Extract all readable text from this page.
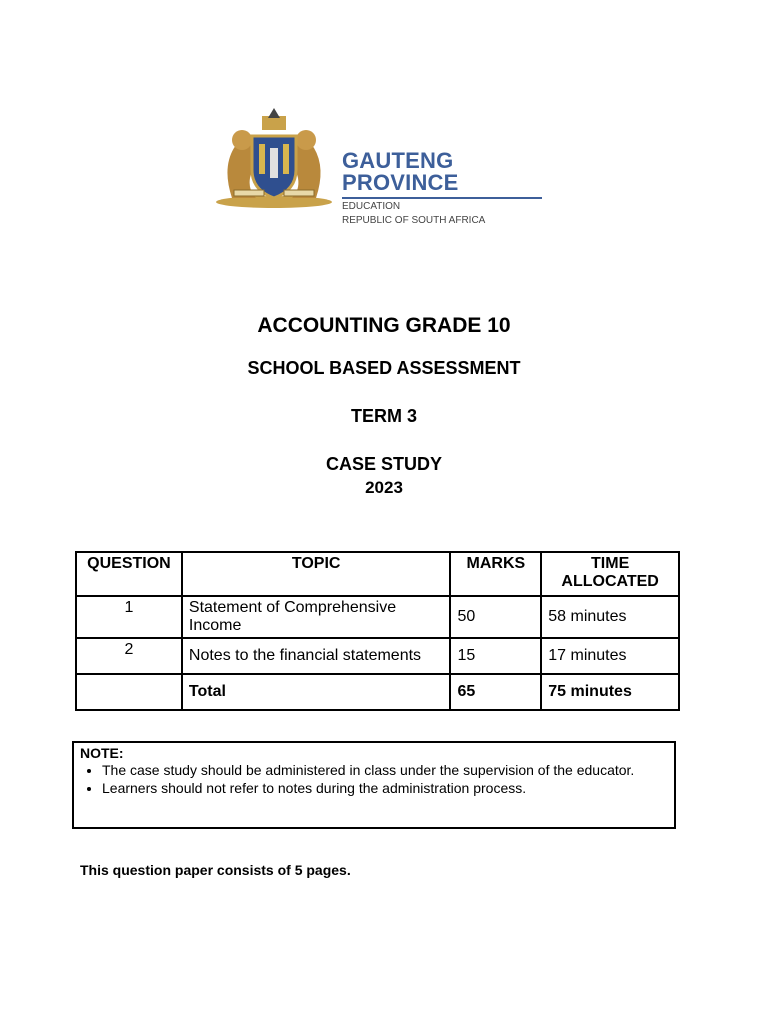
GAUTENG PROVINCE
EDUCATION
REPUBLIC OF SOUTH AFRICA
ACCOUNTING GRADE 10
SCHOOL BASED ASSESSMENT
TERM 3
CASE STUDY
2023
QUESTION	TOPIC	MARKS	TIME ALLOCATED
1	Statement of Comprehensive Income	50	58 minutes
2	Notes to the financial statements	15	17 minutes
	Total	65	75 minutes
NOTE:
• The case study should be administered in class under the supervision of the educator.
• Learners should not refer to notes during the administration process.
This question paper consists of 5 pages.
